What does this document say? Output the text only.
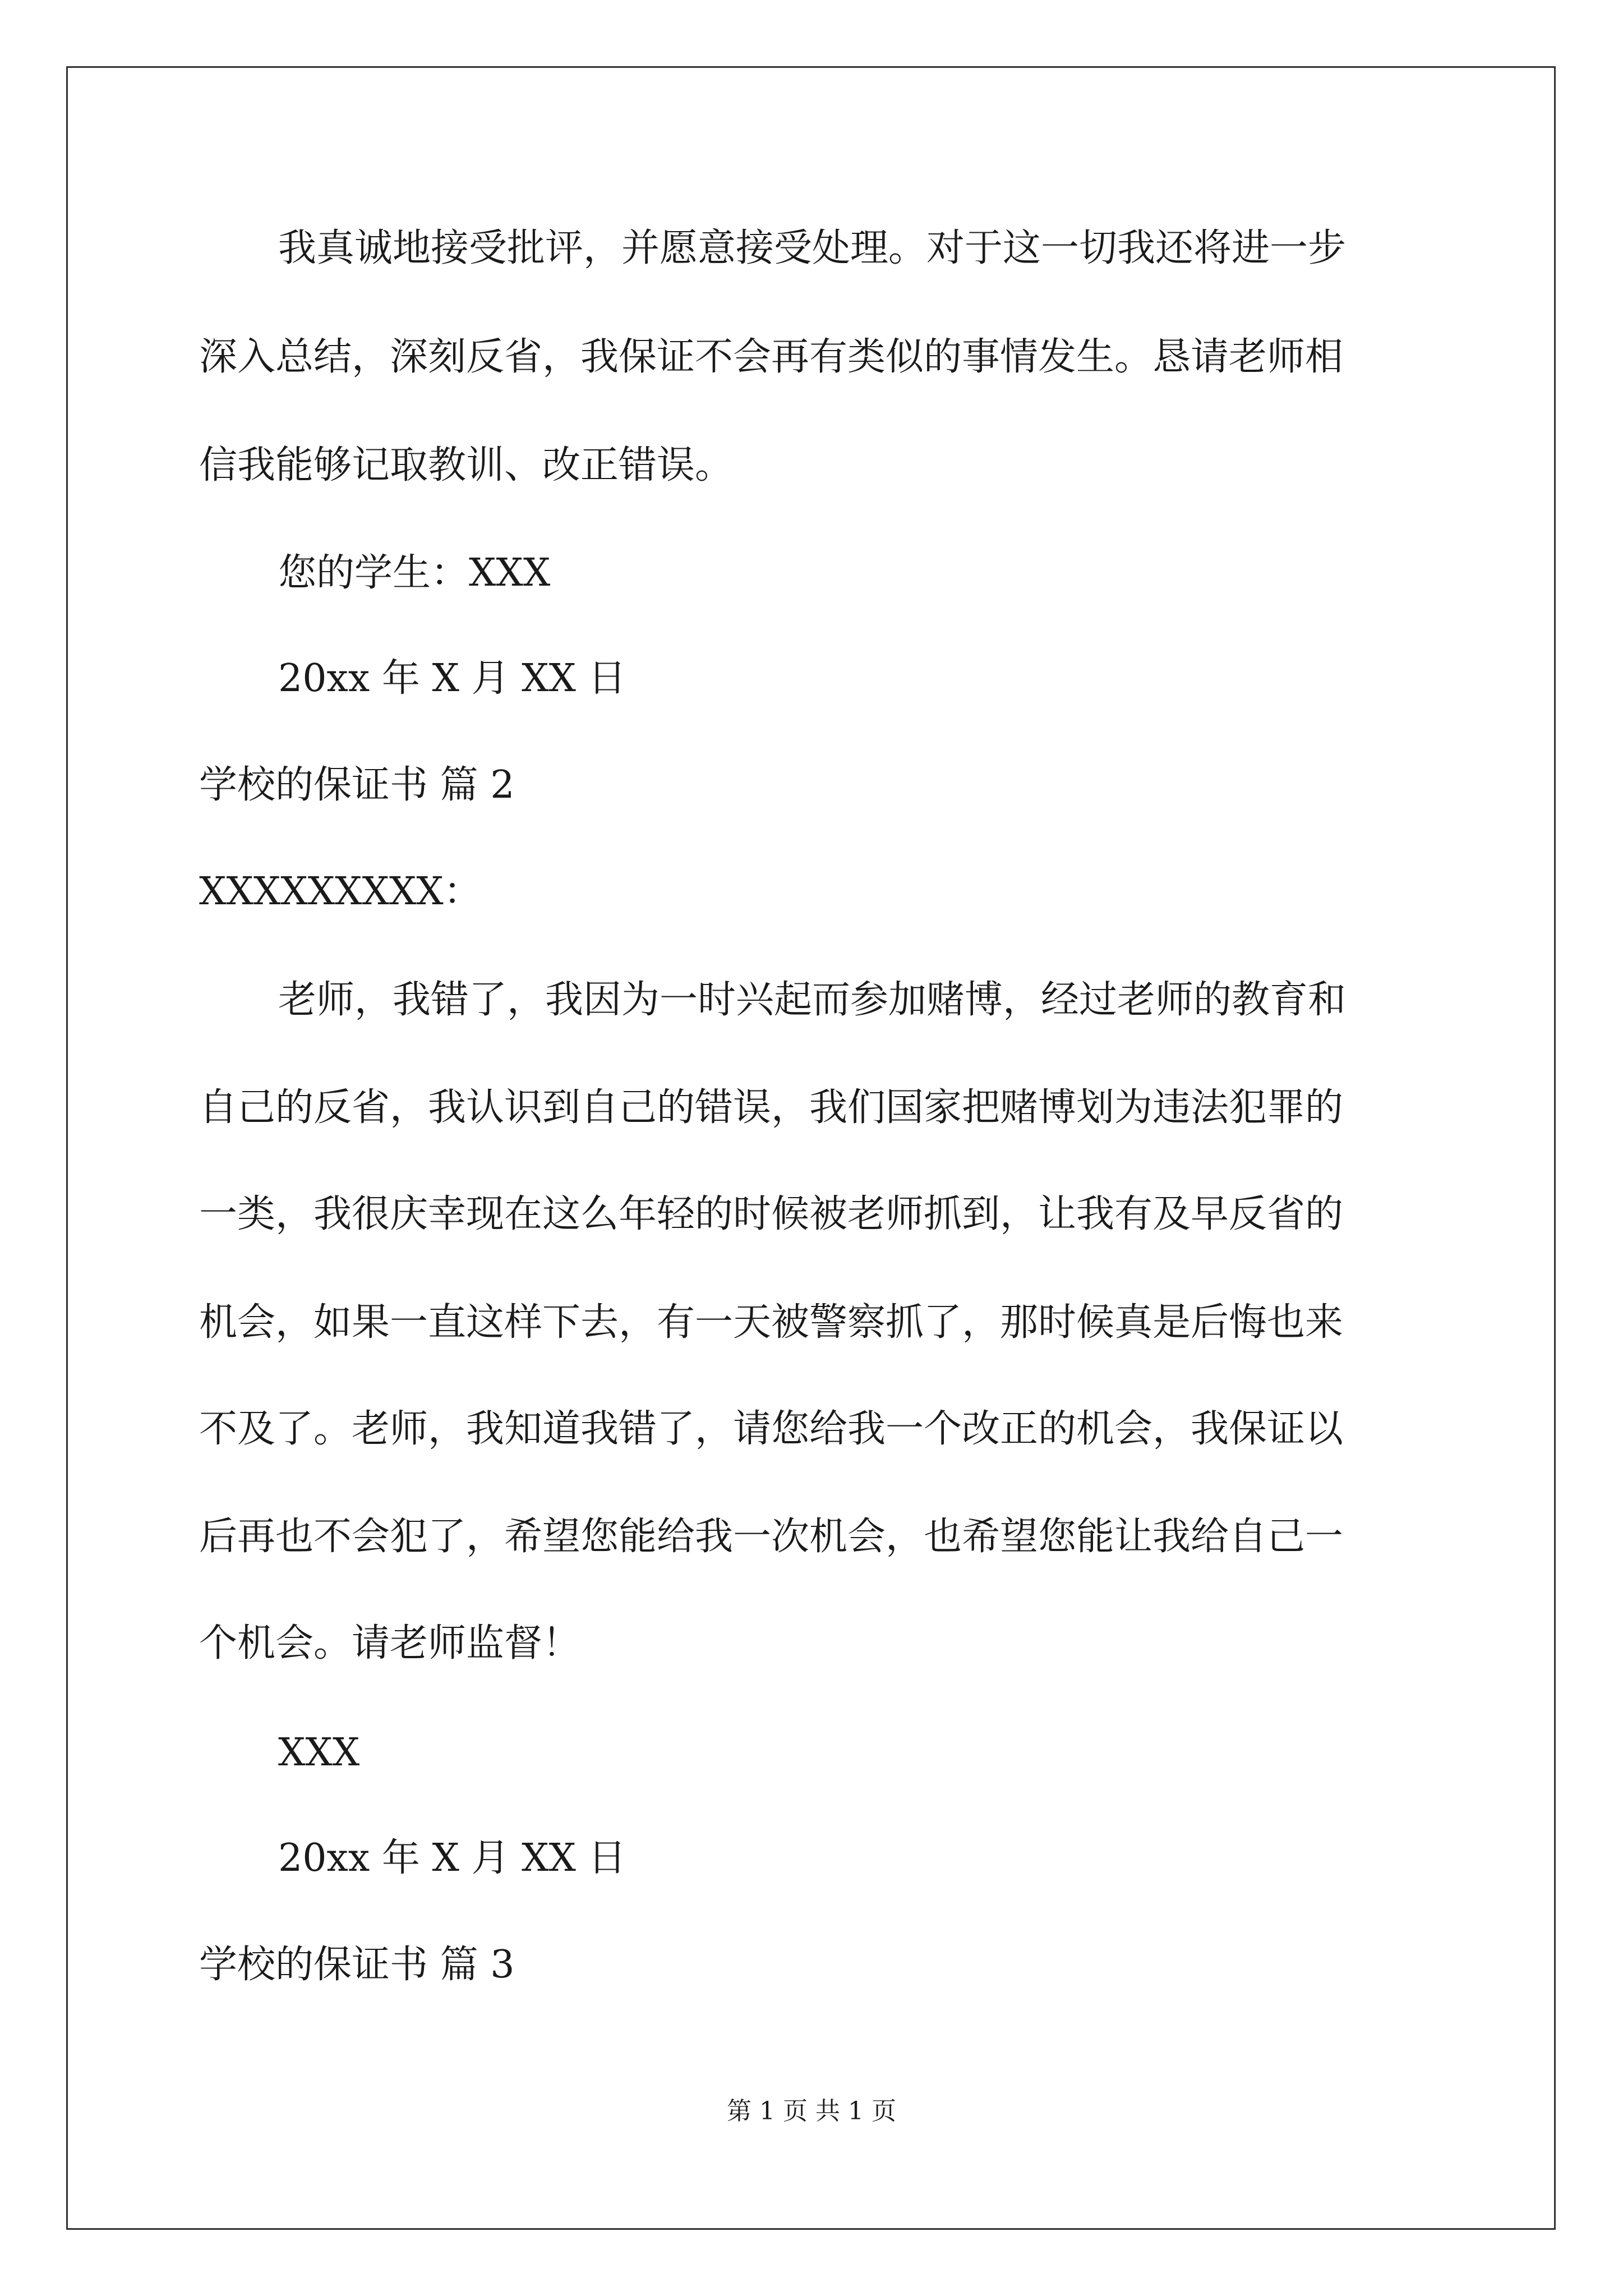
我真诚地接受批评，并愿意接受处理。对于这一切我还将进一步

深入总结，深刻反省，我保证不会再有类似的事情发生。恳请老师相

信我能够记取教训、改正错误。

您的学生：XXX

20xx 年 X 月 XX 日

学校的保证书 篇 2

XXXXXXXXX：

老师，我错了，我因为一时兴起而参加赌博，经过老师的教育和

自己的反省，我认识到自己的错误，我们国家把赌博划为违法犯罪的

一类，我很庆幸现在这么年轻的时候被老师抓到，让我有及早反省的

机会，如果一直这样下去，有一天被警察抓了，那时候真是后悔也来

不及了。老师，我知道我错了，请您给我一个改正的机会，我保证以

后再也不会犯了，希望您能给我一次机会，也希望您能让我给自己一

个机会。请老师监督！

XXX

20xx 年 X 月 XX 日

学校的保证书 篇 3

第 1 页 共 1 页
